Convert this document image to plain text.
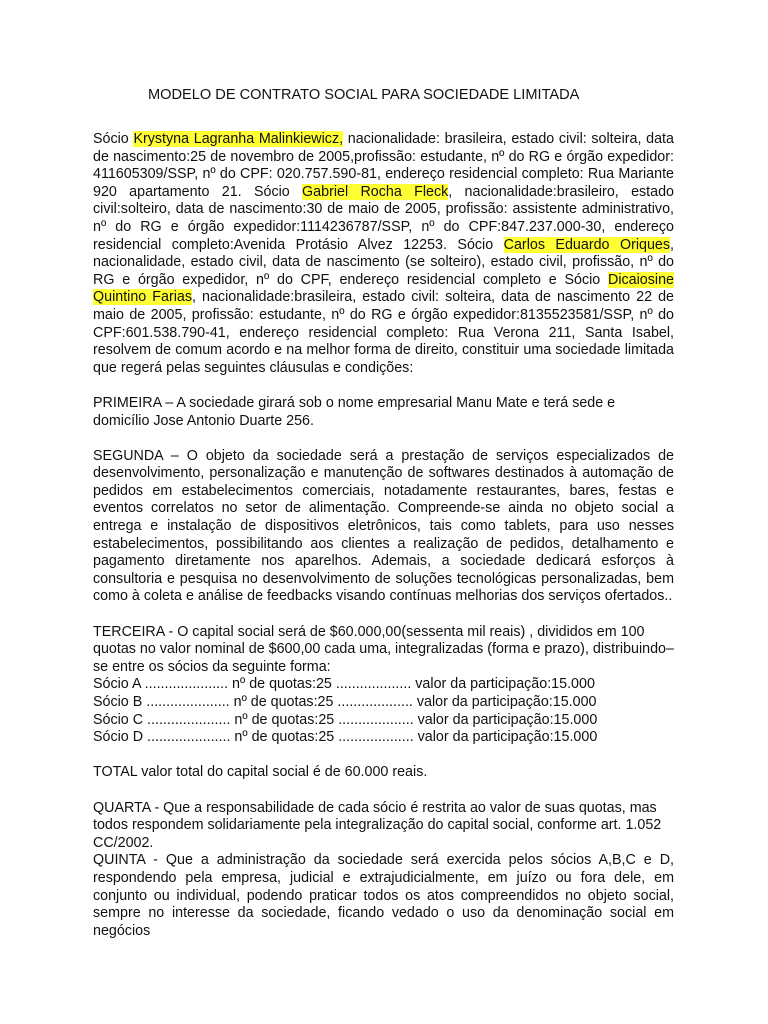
MODELO DE CONTRATO SOCIAL PARA SOCIEDADE LIMITADA

Sócio Krystyna Lagranha Malinkiewicz, nacionalidade: brasileira, estado civil: solteira, data de nascimento:25 de novembro de 2005,profissão: estudante, nº do RG e órgão expedidor: 411605309/SSP, nº do CPF: 020.757.590-81, endereço residencial completo: Rua Mariante 920 apartamento 21. Sócio Gabriel Rocha Fleck, nacionalidade:brasileiro, estado civil:solteiro, data de nascimento:30 de maio de 2005, profissão: assistente administrativo, nº do RG e órgão expedidor:1114236787/SSP, nº do CPF:847.237.000-30, endereço residencial completo:Avenida Protásio Alvez 12253. Sócio Carlos Eduardo Oriques, nacionalidade, estado civil, data de nascimento (se solteiro), estado civil, profissão, nº do RG e órgão expedidor, nº do CPF, endereço residencial completo e Sócio Dicaiosine Quintino Farias, nacionalidade:brasileira, estado civil: solteira, data de nascimento 22 de maio de 2005, profissão: estudante, nº do RG e órgão expedidor:8135523581/SSP, nº do CPF:601.538.790-41, endereço residencial completo: Rua Verona 211, Santa Isabel, resolvem de comum acordo e na melhor forma de direito, constituir uma sociedade limitada que regerá pelas seguintes cláusulas e condições:

PRIMEIRA – A sociedade girará sob o nome empresarial Manu Mate e terá sede e domicílio Jose Antonio Duarte 256.

SEGUNDA – O objeto da sociedade será a prestação de serviços especializados de desenvolvimento, personalização e manutenção de softwares destinados à automação de pedidos em estabelecimentos comerciais, notadamente restaurantes, bares, festas e eventos correlatos no setor de alimentação. Compreende-se ainda no objeto social a entrega e instalação de dispositivos eletrônicos, tais como tablets, para uso nesses estabelecimentos, possibilitando aos clientes a realização de pedidos, detalhamento e pagamento diretamente nos aparelhos. Ademais, a sociedade dedicará esforços à consultoria e pesquisa no desenvolvimento de soluções tecnológicas personalizadas, bem como à coleta e análise de feedbacks visando contínuas melhorias dos serviços ofertados..

TERCEIRA - O capital social será de $60.000,00(sessenta mil reais) , divididos em 100 quotas no valor nominal de $600,00 cada uma, integralizadas (forma e prazo), distribuindo–se entre os sócios da seguinte forma:

Sócio A ..................... nº de quotas:25 ................... valor da participação:15.000
Sócio B ..................... nº de quotas:25 ................... valor da participação:15.000
Sócio C ..................... nº de quotas:25 ................... valor da participação:15.000
Sócio D ..................... nº de quotas:25 ................... valor da participação:15.000

TOTAL valor total do capital social é de 60.000 reais.

QUARTA - Que a responsabilidade de cada sócio é restrita ao valor de suas quotas, mas todos respondem solidariamente pela integralização do capital social, conforme art. 1.052 CC/2002.

QUINTA - Que a administração da sociedade será exercida pelos sócios A,B,C e D, respondendo pela empresa, judicial e extrajudicialmente, em juízo ou fora dele, em conjunto ou individual, podendo praticar todos os atos compreendidos no objeto social, sempre no interesse da sociedade, ficando vedado o uso da denominação social em negócios
